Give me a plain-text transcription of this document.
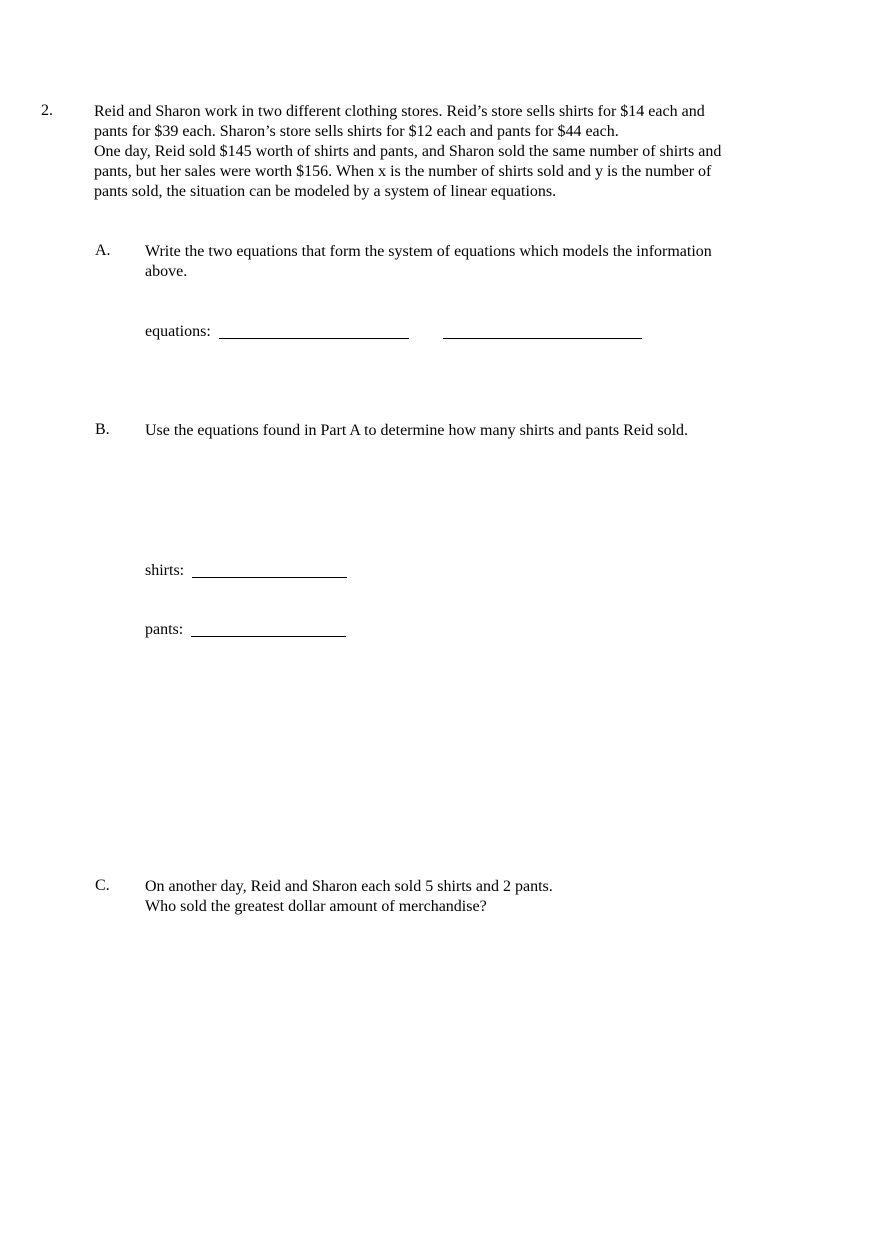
2.	Reid and Sharon work in two different clothing stores. Reid’s store sells shirts for $14 each and
pants for $39 each. Sharon’s store sells shirts for $12 each and pants for $44 each.
One day, Reid sold $145 worth of shirts and pants, and Sharon sold the same number of shirts and
pants, but her sales were worth $156. When x is the number of shirts sold and y is the number of
pants sold, the situation can be modeled by a system of linear equations.
A. Write the two equations that form the system of equations which models the information
above.
equations:
B. Use the equations found in Part A to determine how many shirts and pants Reid sold.
shirts:
pants:
C. On another day, Reid and Sharon each sold 5 shirts and 2 pants.
Who sold the greatest dollar amount of merchandise?
